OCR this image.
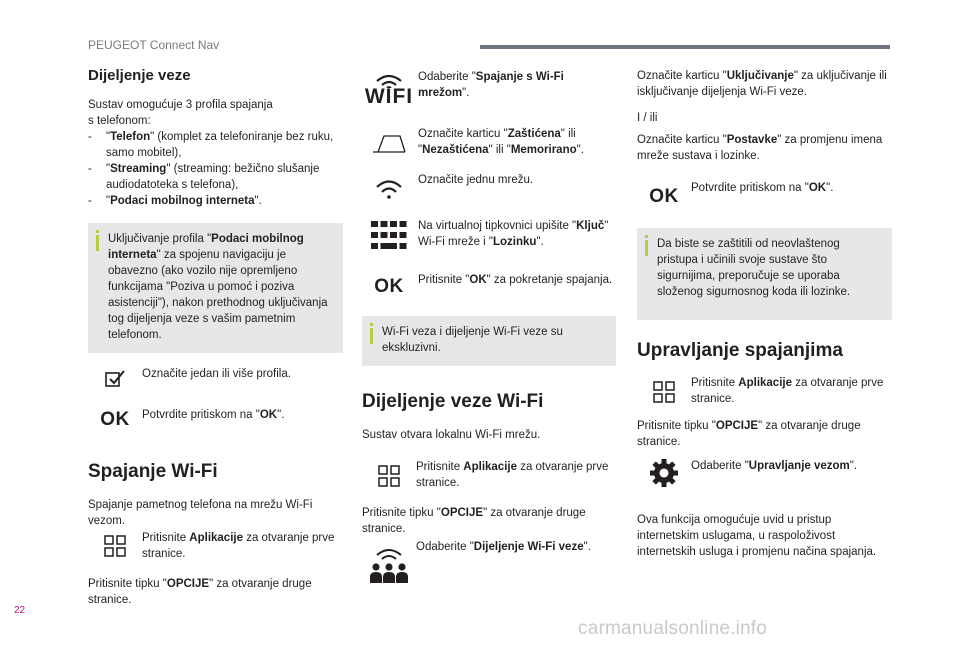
PEUGEOT Connect Nav
Dijeljenje veze

Sustav omogućuje 3 profila spajanja
s telefonom:

-	"Telefon" (komplet za telefoniranje bez ruku, samo mobitel),
-	"Streaming" (streaming: bežično slušanje audiodatoteka s telefona),
-	"Podaci mobilnog interneta".

Uključivanje profila "Podaci mobilnog interneta" za spojenu navigaciju je obavezno (ako vozilo nije opremljeno funkcijama "Poziva u pomoć i poziva asistenciji"), nakon prethodnog uključivanja tog dijeljenja veze s vašim pametnim telefonom.

Označite jedan ili više profila.

OK Potvrdite pritiskom na "OK".

Spajanje Wi-Fi

Spajanje pametnog telefona na mrežu Wi-Fi vezom.

Pritisnite Aplikacije za otvaranje prve stranice.

Pritisnite tipku "OPCIJE" za otvaranje druge stranice.

WIFI

Odaberite "Spajanje s Wi-Fi mrežom".

Označite karticu "Zaštićena" ili "Nezaštićena" ili "Memorirano".

Označite jednu mrežu.

Na virtualnoj tipkovnici upišite "Ključ" Wi-Fi mreže i "Lozinku".

OK Pritisnite "OK" za pokretanje spajanja.

Wi-Fi veza i dijeljenje Wi-Fi veze su ekskluzivni.

Dijeljenje veze Wi-Fi

Sustav otvara lokalnu Wi-Fi mrežu.

Pritisnite Aplikacije za otvaranje prve stranice.

Pritisnite tipku "OPCIJE" za otvaranje druge stranice.

Odaberite "Dijeljenje Wi-Fi veze".

Označite karticu "Uključivanje" za uključivanje ili isključivanje dijeljenja Wi-Fi veze.

I / ili

Označite karticu "Postavke" za promjenu imena mreže sustava i lozinke.

OK Potvrdite pritiskom na "OK".

Da biste se zaštitili od neovlaštenog pristupa i učinili svoje sustave što sigurnijima, preporučuje se uporaba složenog sigurnosnog koda ili lozinke.

Upravljanje spajanjima

Pritisnite Aplikacije za otvaranje prve stranice.

Pritisnite tipku "OPCIJE" za otvaranje druge stranice.

Odaberite "Upravljanje vezom".

Ova funkcija omogućuje uvid u pristup internetskim uslugama, u raspoloživost internetskih usluga i promjenu načina spajanja.

22
carmanualsonline.info
